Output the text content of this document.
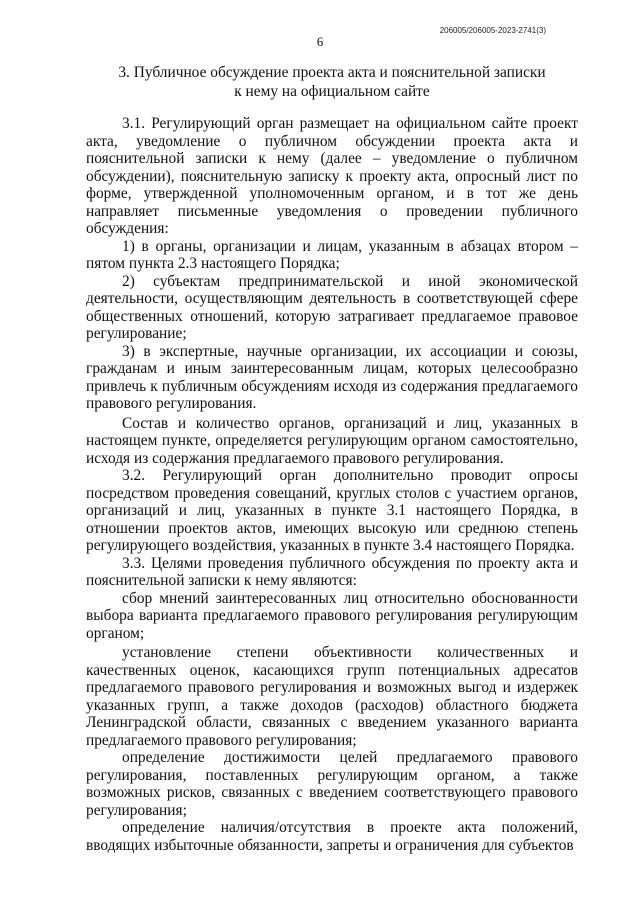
206005/206005-2023-2741(3)
6
3. Публичное обсуждение проекта акта и пояснительной записки
к нему на официальном сайте

3.1. Регулирующий орган размещает на официальном сайте проект акта, уведомление о публичном обсуждении проекта акта и пояснительной записки к нему (далее – уведомление о публичном обсуждении), пояснительную записку к проекту акта, опросный лист по форме, утвержденной уполномоченным органом, и в тот же день направляет письменные уведомления о проведении публичного обсуждения:

1) в органы, организации и лицам, указанным в абзацах втором – пятом пункта 2.3 настоящего Порядка;

2) субъектам предпринимательской и иной экономической деятельности, осуществляющим деятельность в соответствующей сфере общественных отношений, которую затрагивает предлагаемое правовое регулирование;

3) в экспертные, научные организации, их ассоциации и союзы, гражданам и иным заинтересованным лицам, которых целесообразно привлечь к публичным обсуждениям исходя из содержания предлагаемого правового регулирования.

Состав и количество органов, организаций и лиц, указанных в настоящем пункте, определяется регулирующим органом самостоятельно, исходя из содержания предлагаемого правового регулирования.

3.2. Регулирующий орган дополнительно проводит опросы посредством проведения совещаний, круглых столов с участием органов, организаций и лиц, указанных в пункте 3.1 настоящего Порядка, в отношении проектов актов, имеющих высокую или среднюю степень регулирующего воздействия, указанных в пункте 3.4 настоящего Порядка.

3.3. Целями проведения публичного обсуждения по проекту акта и пояснительной записки к нему являются:

сбор мнений заинтересованных лиц относительно обоснованности выбора варианта предлагаемого правового регулирования регулирующим органом;

установление степени объективности количественных и качественных оценок, касающихся групп потенциальных адресатов предлагаемого правового регулирования и возможных выгод и издержек указанных групп, а также доходов (расходов) областного бюджета Ленинградской области, связанных с введением указанного варианта предлагаемого правового регулирования;

определение достижимости целей предлагаемого правового регулирования, поставленных регулирующим органом, а также возможных рисков, связанных с введением соответствующего правового регулирования;

определение наличия/отсутствия в проекте акта положений, вводящих избыточные обязанности, запреты и ограничения для субъектов
